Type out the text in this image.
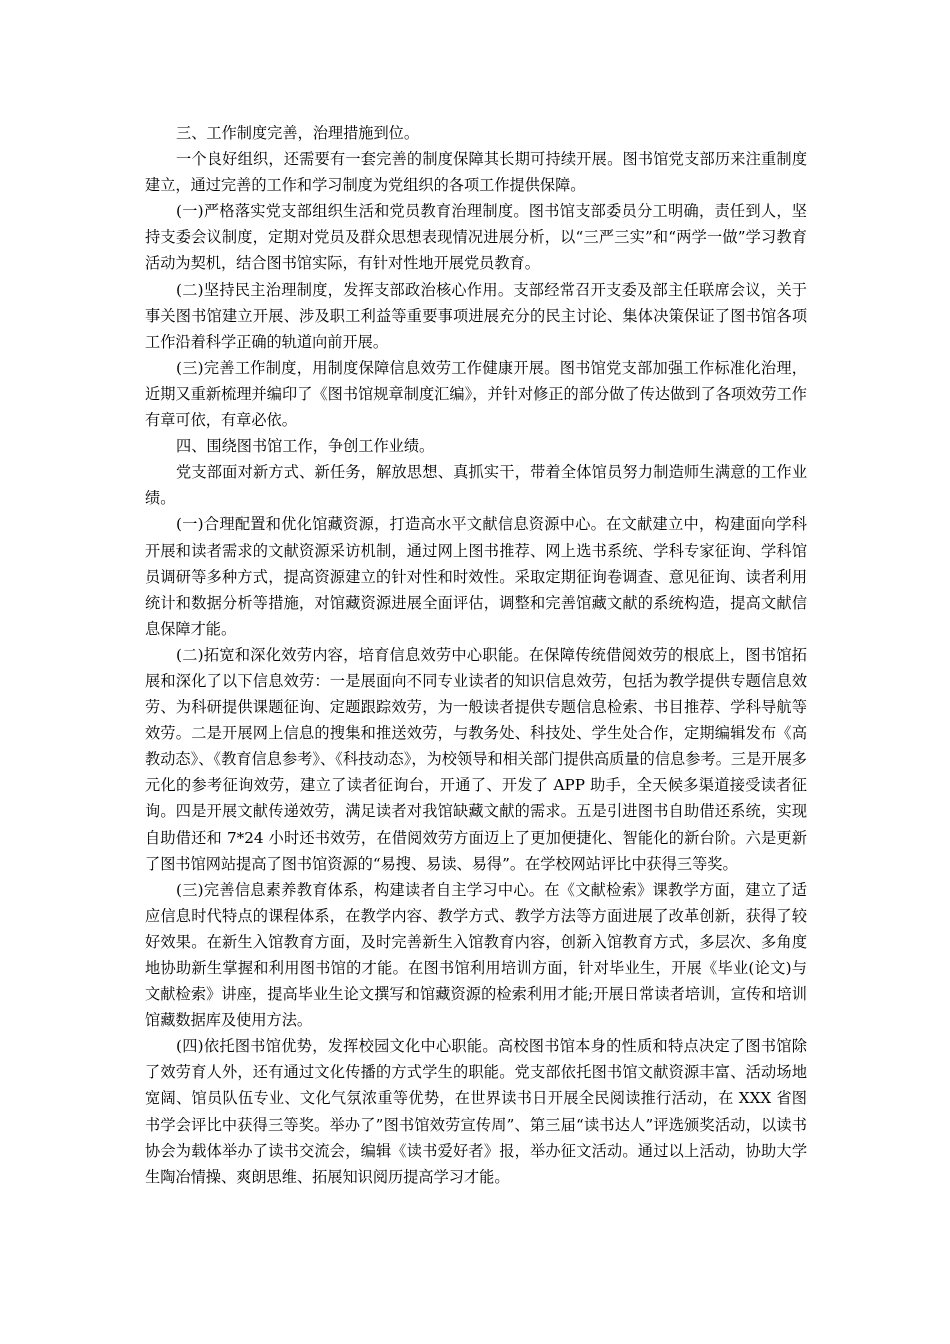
三、工作制度完善，治理措施到位。

一个良好组织，还需要有一套完善的制度保障其长期可持续开展。图书馆党支部历来注重制度建立，通过完善的工作和学习制度为党组织的各项工作提供保障。

(一)严格落实党支部组织生活和党员教育治理制度。图书馆支部委员分工明确，责任到人，坚持支委会议制度，定期对党员及群众思想表现情况进展分析，以“三严三实”和“两学一做”学习教育活动为契机，结合图书馆实际，有针对性地开展党员教育。

(二)坚持民主治理制度，发挥支部政治核心作用。支部经常召开支委及部主任联席会议，关于事关图书馆建立开展、涉及职工利益等重要事项进展充分的民主讨论、集体决策保证了图书馆各项工作沿着科学正确的轨道向前开展。

(三)完善工作制度，用制度保障信息效劳工作健康开展。图书馆党支部加强工作标准化治理，近期又重新梳理并编印了《图书馆规章制度汇编》，并针对修正的部分做了传达做到了各项效劳工作有章可依，有章必依。

四、围绕图书馆工作，争创工作业绩。

党支部面对新方式、新任务，解放思想、真抓实干，带着全体馆员努力制造师生满意的工作业绩。

(一)合理配置和优化馆藏资源，打造高水平文献信息资源中心。在文献建立中，构建面向学科开展和读者需求的文献资源采访机制，通过网上图书推荐、网上选书系统、学科专家征询、学科馆员调研等多种方式，提高资源建立的针对性和时效性。采取定期征询卷调查、意见征询、读者利用统计和数据分析等措施，对馆藏资源进展全面评估，调整和完善馆藏文献的系统构造，提高文献信息保障才能。

(二)拓宽和深化效劳内容，培育信息效劳中心职能。在保障传统借阅效劳的根底上，图书馆拓展和深化了以下信息效劳：一是展面向不同专业读者的知识信息效劳，包括为教学提供专题信息效劳、为科研提供课题征询、定题跟踪效劳，为一般读者提供专题信息检索、书目推荐、学科导航等效劳。二是开展网上信息的搜集和推送效劳，与教务处、科技处、学生处合作，定期编辑发布《高教动态》、《教育信息参考》、《科技动态》，为校领导和相关部门提供高质量的信息参考。三是开展多元化的参考征询效劳，建立了读者征询台，开通了、开发了 APP 助手，全天候多渠道接受读者征询。四是开展文献传递效劳，满足读者对我馆缺藏文献的需求。五是引进图书自助借还系统，实现自助借还和 7*24 小时还书效劳，在借阅效劳方面迈上了更加便捷化、智能化的新台阶。六是更新了图书馆网站提高了图书馆资源的“易搜、易读、易得”。在学校网站评比中获得三等奖。

(三)完善信息素养教育体系，构建读者自主学习中心。在《文献检索》课教学方面，建立了适应信息时代特点的课程体系，在教学内容、教学方式、教学方法等方面进展了改革创新，获得了较好效果。在新生入馆教育方面，及时完善新生入馆教育内容，创新入馆教育方式，多层次、多角度地协助新生掌握和利用图书馆的才能。在图书馆利用培训方面，针对毕业生，开展《毕业(论文)与文献检索》讲座，提高毕业生论文撰写和馆藏资源的检索利用才能;开展日常读者培训，宣传和培训馆藏数据库及使用方法。

(四)依托图书馆优势，发挥校园文化中心职能。高校图书馆本身的性质和特点决定了图书馆除了效劳育人外，还有通过文化传播的方式学生的职能。党支部依托图书馆文献资源丰富、活动场地宽阔、馆员队伍专业、文化气氛浓重等优势，在世界读书日开展全民阅读推行活动，在 XXX 省图书学会评比中获得三等奖。举办了”图书馆效劳宣传周”、第三届“读书达人”评选颁奖活动，以读书协会为载体举办了读书交流会，编辑《读书爱好者》报，举办征文活动。通过以上活动，协助大学生陶冶情操、爽朗思维、拓展知识阅历提高学习才能。
